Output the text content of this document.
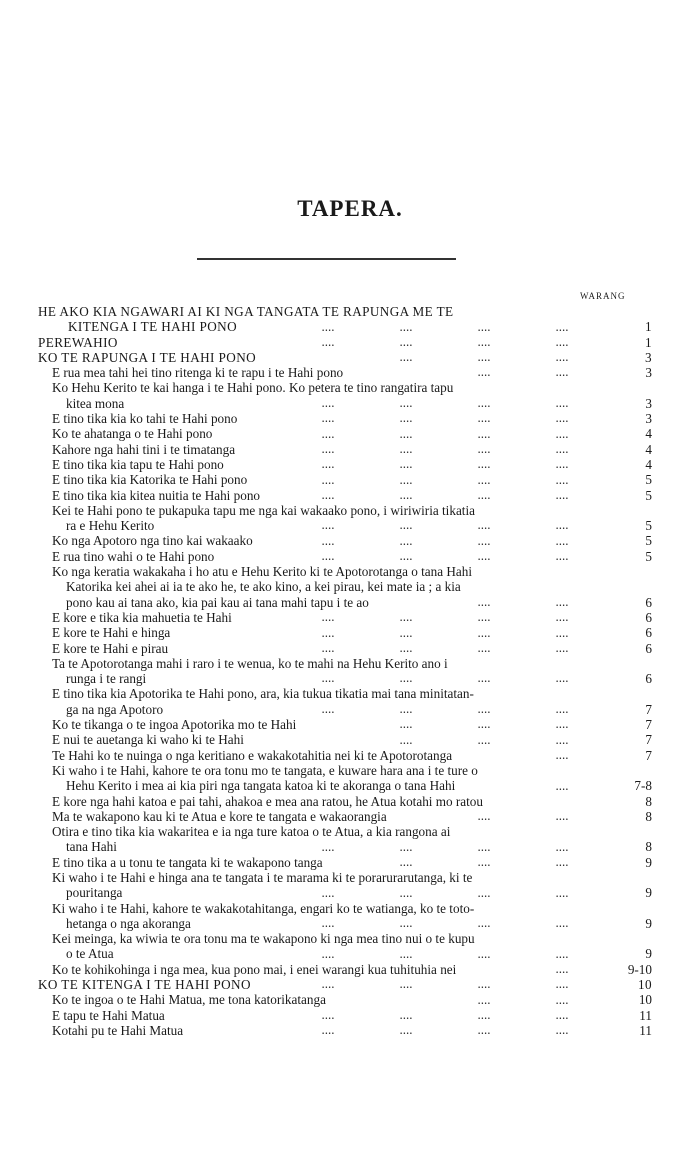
TAPERA.
WARANG
HE AKO KIA NGAWARI AI KI NGA TANGATA TE RAPUNGA ME TE
KITENGA I TE HAHI PONO	....	....	....	....	1
PEREWAHIO	....	....	....	....	1
KO TE RAPUNGA I TE HAHI PONO	....	....	....	3
E rua mea tahi hei tino ritenga ki te rapu i te Hahi pono	....	....	3
Ko Hehu Kerito te kai hanga i te Hahi pono. Ko petera te tino rangatira tapu
kitea mona	....	....	....	....	3
E tino tika kia ko tahi te Hahi pono	....	....	....	....	3
Ko te ahatanga o te Hahi pono	....	....	....	....	4
Kahore nga hahi tini i te timatanga	....	....	....	....	4
E tino tika kia tapu te Hahi pono	....	....	....	....	4
E tino tika kia Katorika te Hahi pono	....	....	....	....	5
E tino tika kia kitea nuitia te Hahi pono	....	....	....	....	5
Kei te Hahi pono te pukapuka tapu me nga kai wakaako pono, i wiriwiria tikatia
ra e Hehu Kerito	....	....	....	....	5
Ko nga Apotoro nga tino kai wakaako	....	....	....	....	5
E rua tino wahi o te Hahi pono	....	....	....	....	5
Ko nga keratia wakakaha i ho atu e Hehu Kerito ki te Apotorotanga o tana Hahi
Katorika kei ahei ai ia te ako he, te ako kino, a kei pirau, kei mate ia ; a kia
pono kau ai tana ako, kia pai kau ai tana mahi tapu i te ao	....	....	6
E kore e tika kia mahuetia te Hahi	....	....	....	....	6
E kore te Hahi e hinga	....	....	....	....	6
E kore te Hahi e pirau	....	....	....	....	6
Ta te Apotorotanga mahi i raro i te wenua, ko te mahi na Hehu Kerito ano i
runga i te rangi	....	....	....	....	6
E tino tika kia Apotorika te Hahi pono, ara, kia tukua tikatia mai tana minitatan-
ga na nga Apotoro	....	....	....	....	7
Ko te tikanga o te ingoa Apotorika mo te Hahi	....	....	....	7
E nui te auetanga ki waho ki te Hahi	....	....	....	7
Te Hahi ko te nuinga o nga keritiano e wakakotahitia nei ki te Apotorotanga	....	7
Ki waho i te Hahi, kahore te ora tonu mo te tangata, e kuware hara ana i te ture o
Hehu Kerito i mea ai kia piri nga tangata katoa ki te akoranga o tana Hahi	....	7-8
E kore nga hahi katoa e pai tahi, ahakoa e mea ana ratou, he Atua kotahi mo ratou	8
Ma te wakapono kau ki te Atua e kore te tangata e wakaorangia	....	....	8
Otira e tino tika kia wakaritea e ia nga ture katoa o te Atua, a kia rangona ai
tana Hahi	....	....	....	....	8
E tino tika a u tonu te tangata ki te wakapono tanga	....	....	....	9
Ki waho i te Hahi e hinga ana te tangata i te marama ki te porarurarutanga, ki te
pouritanga	....	....	....	....	9
Ki waho i te Hahi, kahore te wakakotahitanga, engari ko te watianga, ko te toto-
hetanga o nga akoranga	....	....	....	....	9
Kei meinga, ka wiwia te ora tonu ma te wakapono ki nga mea tino nui o te kupu
o te Atua	....	....	....	....	9
Ko te kohikohinga i nga mea, kua pono mai, i enei warangi kua tuhituhia nei	....	9-10
KO TE KITENGA I TE HAHI PONO	....	....	....	....	10
Ko te ingoa o te Hahi Matua, me tona katorikatanga	....	....	10
E tapu te Hahi Matua	....	....	....	....	11
Kotahi pu te Hahi Matua	....	....	....	....	11
